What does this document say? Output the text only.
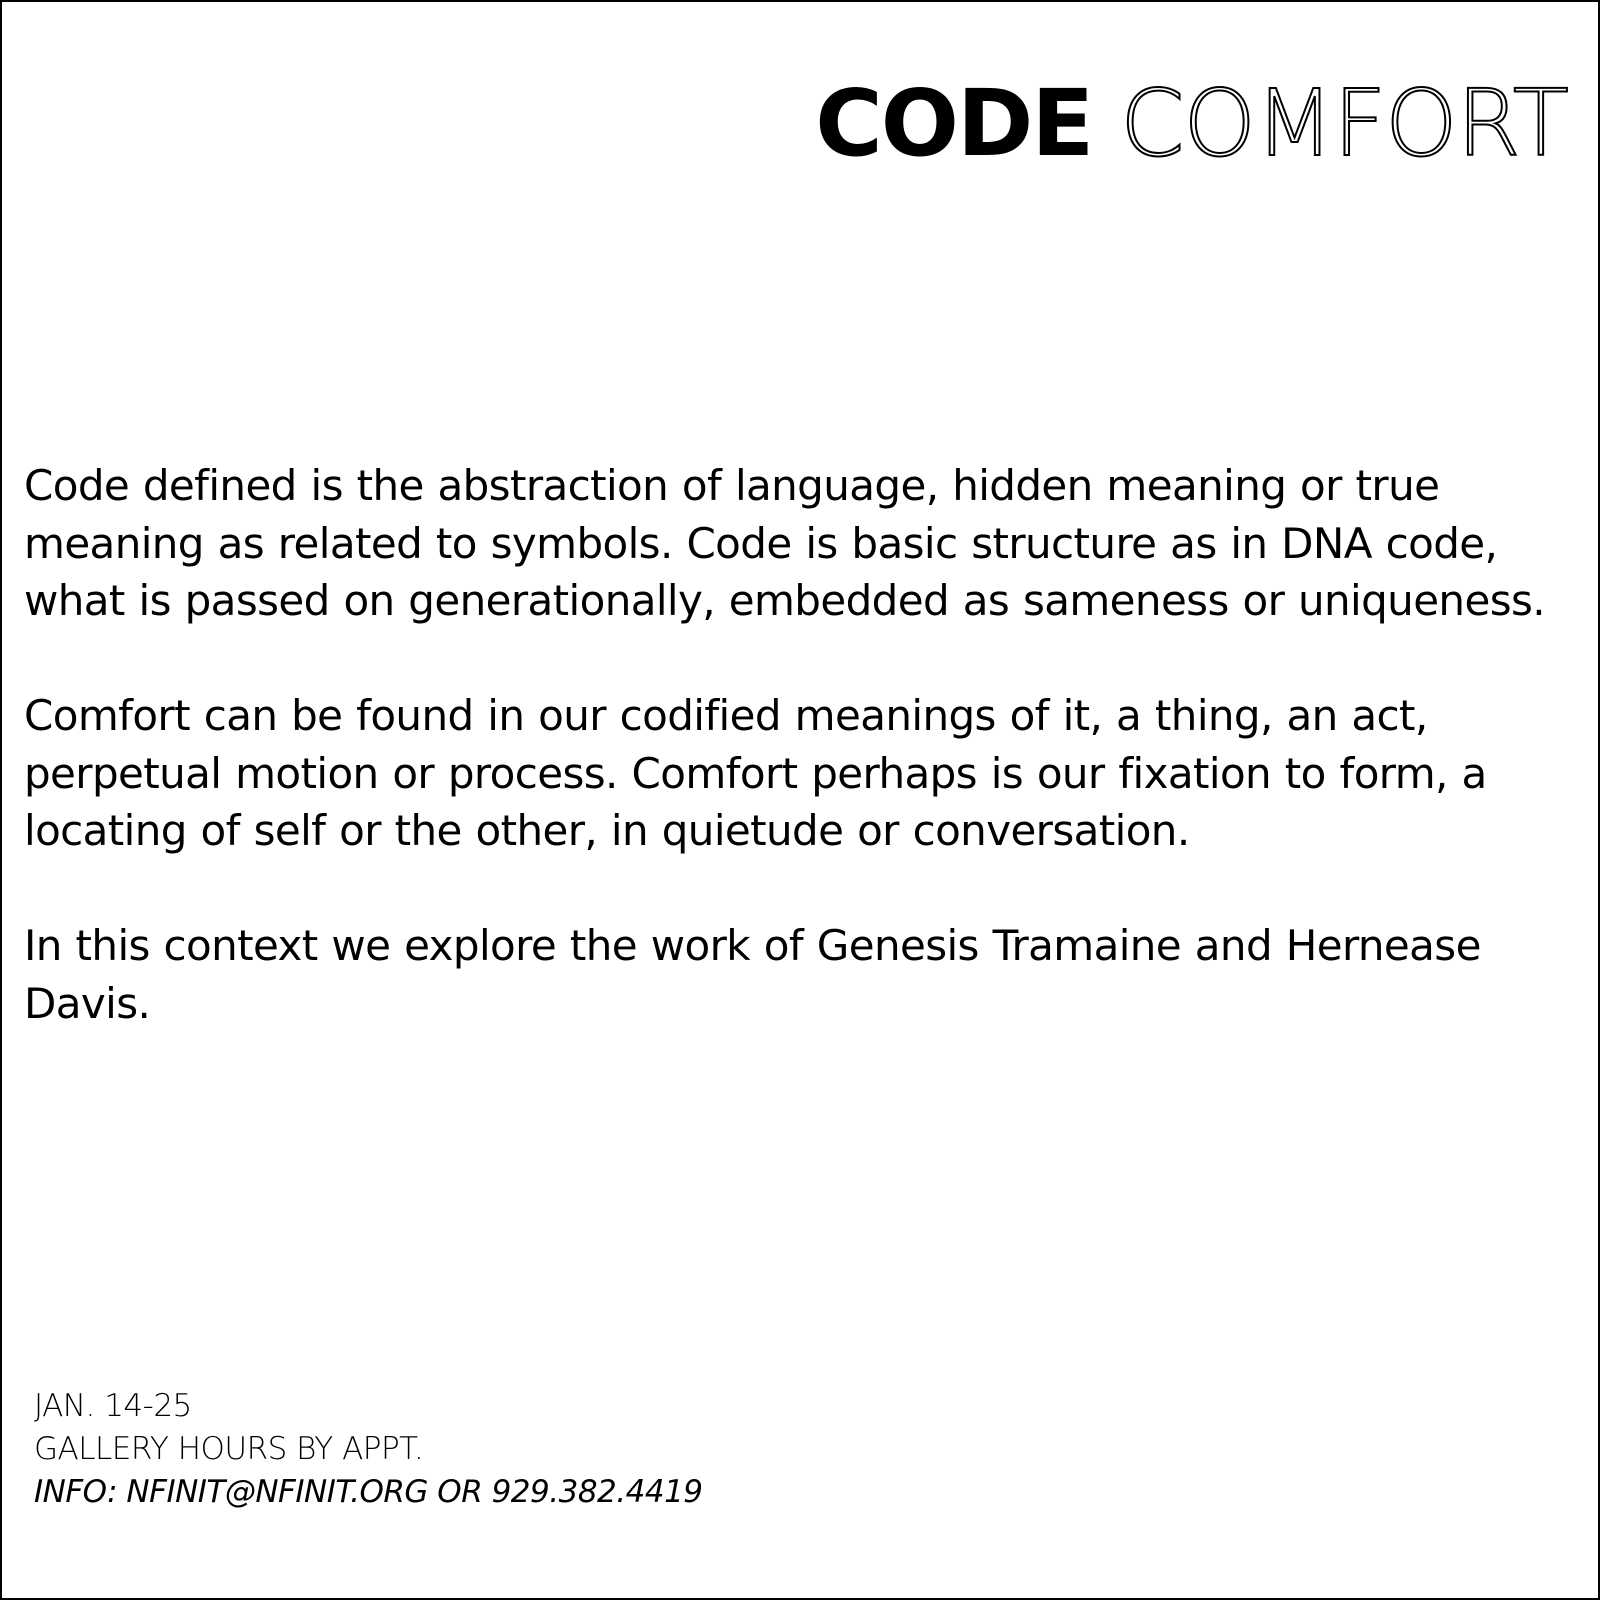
CODE COMFORT

Code defined is the abstraction of language, hidden meaning or true meaning as related to symbols. Code is basic structure as in DNA code, what is passed on generationally, embedded as sameness or uniqueness.

Comfort can be found in our codified meanings of it, a thing, an act, perpetual motion or process. Comfort perhaps is our fixation to form, a locating of self or the other, in quietude or conversation.

In this context we explore the work of Genesis Tramaine and Hernease Davis.

JAN. 14-25
GALLERY HOURS BY APPT.
INFO: NFINIT@NFINIT.ORG OR 929.382.4419
